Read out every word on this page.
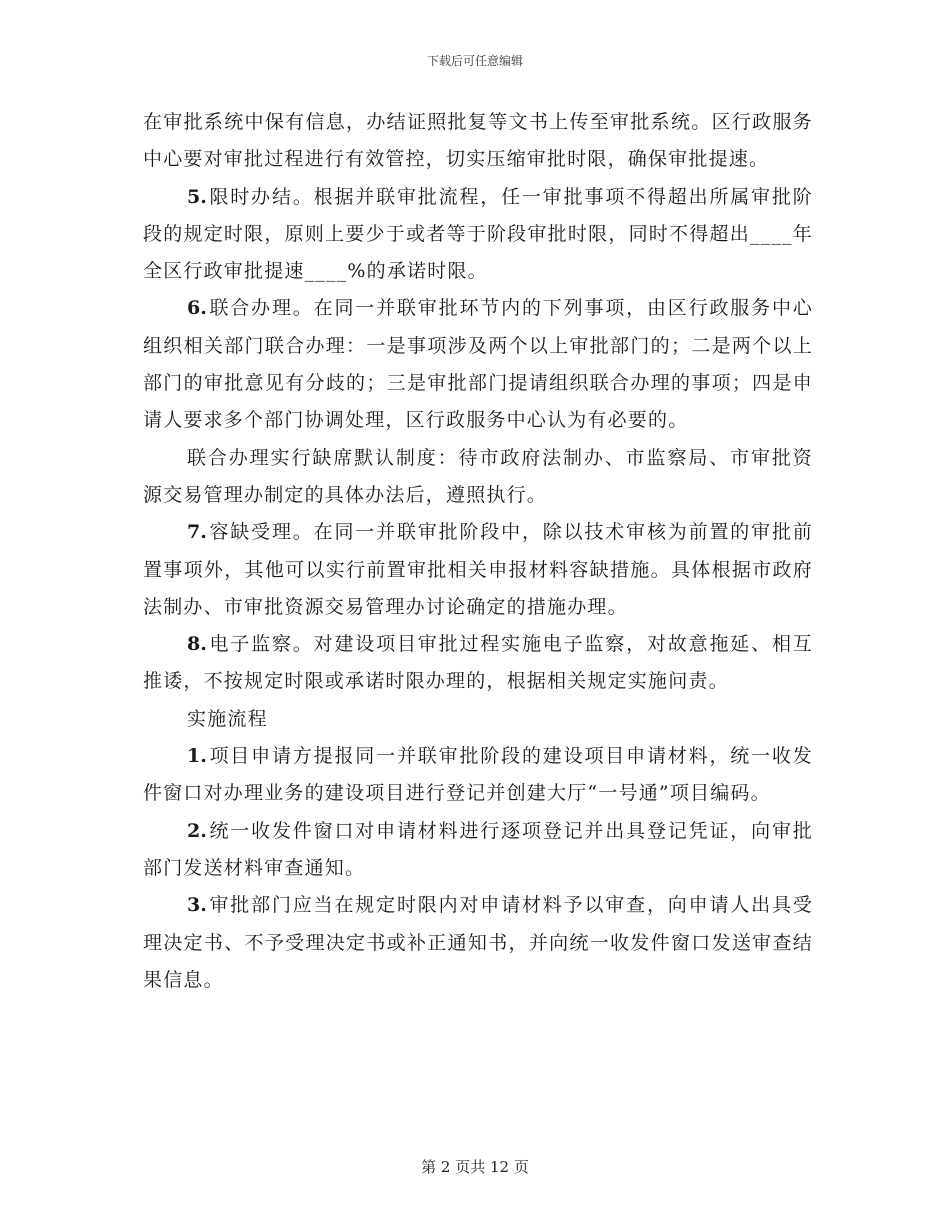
下载后可任意编辑

在审批系统中保有信息，办结证照批复等文书上传至审批系统。区行政服务中心要对审批过程进行有效管控，切实压缩审批时限，确保审批提速。

5. 限时办结。根据并联审批流程，任一审批事项不得超出所属审批阶段的规定时限，原则上要少于或者等于阶段审批时限，同时不得超出____年全区行政审批提速____%的承诺时限。

6. 联合办理。在同一并联审批环节内的下列事项，由区行政服务中心组织相关部门联合办理：一是事项涉及两个以上审批部门的；二是两个以上部门的审批意见有分歧的；三是审批部门提请组织联合办理的事项；四是申请人要求多个部门协调处理，区行政服务中心认为有必要的。

联合办理实行缺席默认制度：待市政府法制办、市监察局、市审批资源交易管理办制定的具体办法后，遵照执行。

7. 容缺受理。在同一并联审批阶段中，除以技术审核为前置的审批前置事项外，其他可以实行前置审批相关申报材料容缺措施。具体根据市政府法制办、市审批资源交易管理办讨论确定的措施办理。

8. 电子监察。对建设项目审批过程实施电子监察，对故意拖延、相互推诿，不按规定时限或承诺时限办理的，根据相关规定实施问责。

实施流程

1. 项目申请方提报同一并联审批阶段的建设项目申请材料，统一收发件窗口对办理业务的建设项目进行登记并创建大厅“一号通”项目编码。

2. 统一收发件窗口对申请材料进行逐项登记并出具登记凭证，向审批部门发送材料审查通知。

3. 审批部门应当在规定时限内对申请材料予以审查，向申请人出具受理决定书、不予受理决定书或补正通知书，并向统一收发件窗口发送审查结果信息。

第 2 页共 12 页
